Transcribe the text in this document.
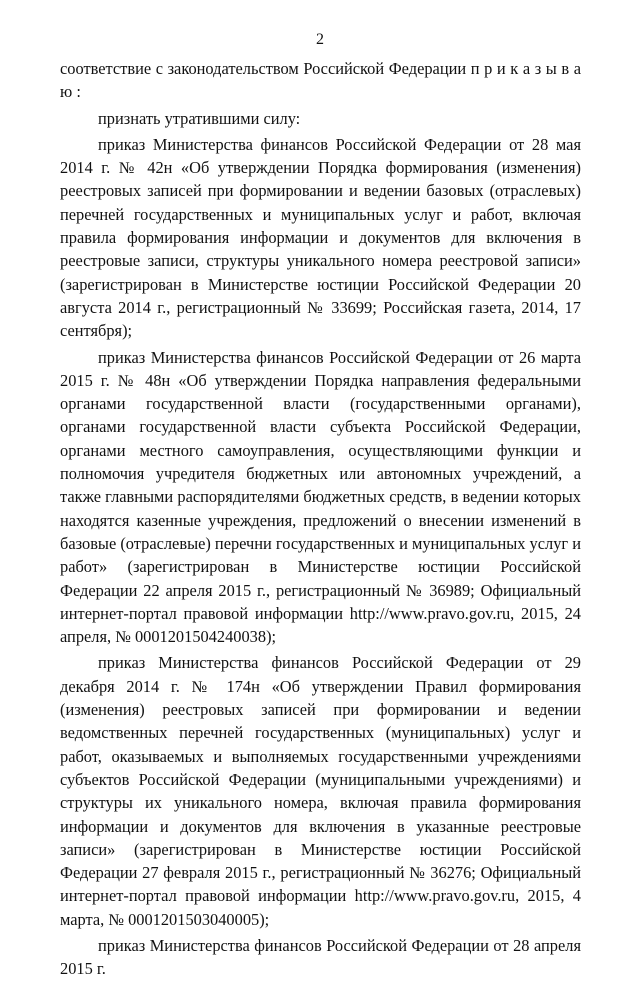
2

соответствие с законодательством Российской Федерации п р и к а з ы в а ю :

признать утратившими силу:

приказ Министерства финансов Российской Федерации от 28 мая 2014 г. № 42н «Об утверждении Порядка формирования (изменения) реестровых записей при формировании и ведении базовых (отраслевых) перечней государственных и муниципальных услуг и работ, включая правила формирования информации и документов для включения в реестровые записи, структуры уникального номера реестровой записи» (зарегистрирован в Министерстве юстиции Российской Федерации 20 августа 2014 г., регистрационный № 33699; Российская газета, 2014, 17 сентября);

приказ Министерства финансов Российской Федерации от 26 марта 2015 г. № 48н «Об утверждении Порядка направления федеральными органами государственной власти (государственными органами), органами государственной власти субъекта Российской Федерации, органами местного самоуправления, осуществляющими функции и полномочия учредителя бюджетных или автономных учреждений, а также главными распорядителями бюджетных средств, в ведении которых находятся казенные учреждения, предложений о внесении изменений в базовые (отраслевые) перечни государственных и муниципальных услуг и работ» (зарегистрирован в Министерстве юстиции Российской Федерации 22 апреля 2015 г., регистрационный № 36989; Официальный интернет-портал правовой информации http://www.pravo.gov.ru, 2015, 24 апреля, № 0001201504240038);

приказ Министерства финансов Российской Федерации от 29 декабря 2014 г. № 174н «Об утверждении Правил формирования (изменения) реестровых записей при формировании и ведении ведомственных перечней государственных (муниципальных) услуг и работ, оказываемых и выполняемых государственными учреждениями субъектов Российской Федерации (муниципальными учреждениями) и структуры их уникального номера, включая правила формирования информации и документов для включения в указанные реестровые записи» (зарегистрирован в Министерстве юстиции Российской Федерации 27 февраля 2015 г., регистрационный № 36276; Официальный интернет-портал правовой информации http://www.pravo.gov.ru, 2015, 4 марта, № 0001201503040005);

приказ Министерства финансов Российской Федерации от 28 апреля 2015 г.
